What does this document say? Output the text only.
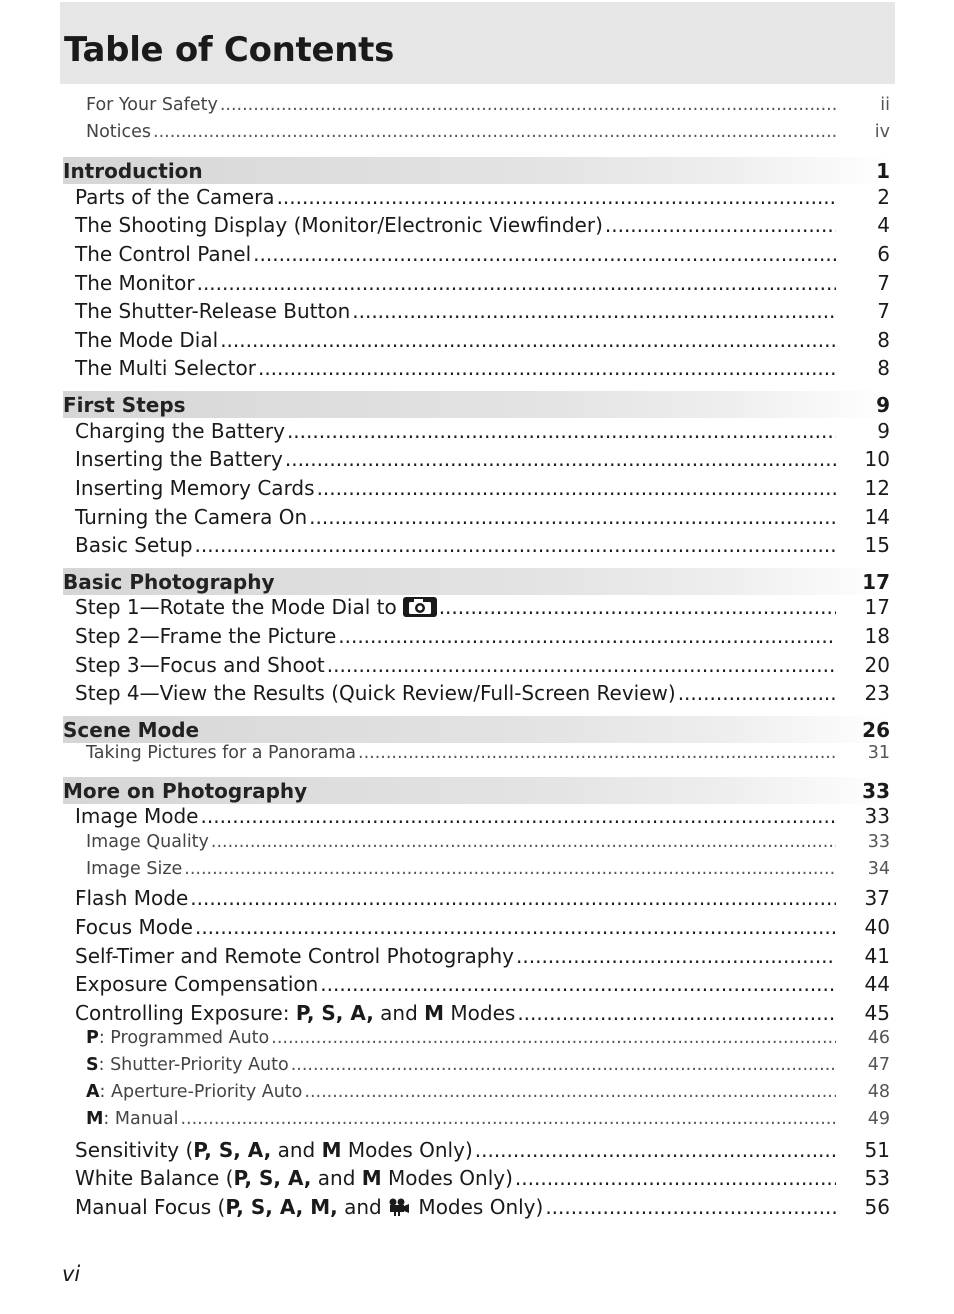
Table of Contents
For Your Safety .....	ii
Notices .....	iv
Introduction	1
Parts of the Camera .....	2
The Shooting Display (Monitor/Electronic Viewfinder) .....	4
The Control Panel .....	6
The Monitor .....	7
The Shutter-Release Button .....	7
The Mode Dial .....	8
The Multi Selector .....	8
First Steps	9
Charging the Battery .....	9
Inserting the Battery .....	10
Inserting Memory Cards .....	12
Turning the Camera On .....	14
Basic Setup .....	15
Basic Photography	17
Step 1—Rotate the Mode Dial to .....	17
Step 2—Frame the Picture .....	18
Step 3—Focus and Shoot .....	20
Step 4—View the Results (Quick Review/Full-Screen Review) .....	23
Scene Mode	26
Taking Pictures for a Panorama .....	31
More on Photography	33
Image Mode .....	33
Image Quality .....	33
Image Size .....	34
Flash Mode .....	37
Focus Mode .....	40
Self-Timer and Remote Control Photography .....	41
Exposure Compensation .....	44
Controlling Exposure: P, S, A, and M Modes .....	45
P: Programmed Auto .....	46
S: Shutter-Priority Auto .....	47
A: Aperture-Priority Auto .....	48
M: Manual .....	49
Sensitivity (P, S, A, and M Modes Only) .....	51
White Balance (P, S, A, and M Modes Only) .....	53
Manual Focus (P, S, A, M, and  Modes Only) .....	56
vi
